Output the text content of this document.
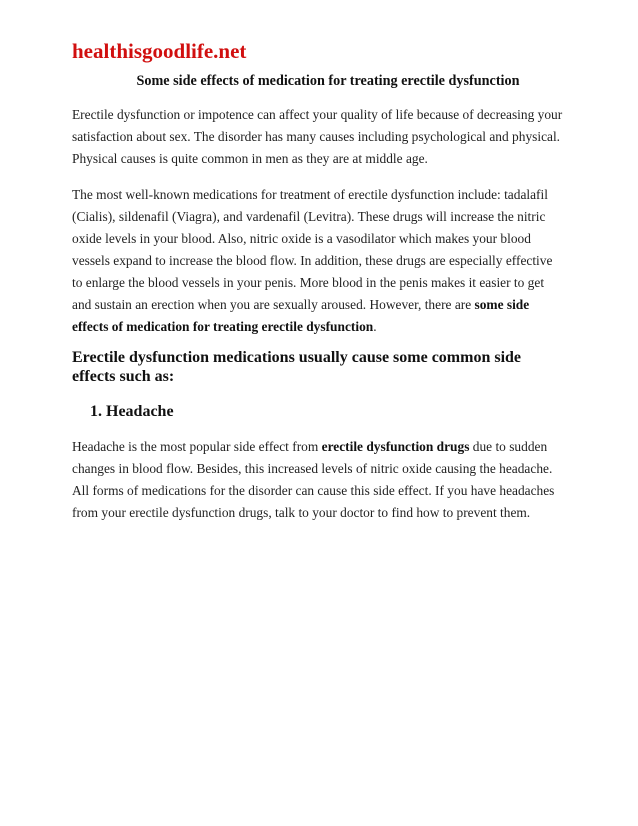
healthisgoodlife.net
Some side effects of medication for treating erectile dysfunction

Erectile dysfunction or impotence can affect your quality of life because of decreasing your satisfaction about sex. The disorder has many causes including psychological and physical. Physical causes is quite common in men as they are at middle age.

The most well-known medications for treatment of erectile dysfunction include: tadalafil (Cialis), sildenafil (Viagra), and vardenafil (Levitra). These drugs will increase the nitric oxide levels in your blood. Also, nitric oxide is a vasodilator which makes your blood vessels expand to increase the blood flow. In addition, these drugs are especially effective to enlarge the blood vessels in your penis. More blood in the penis makes it easier to get and sustain an erection when you are sexually aroused. However, there are some side effects of medication for treating erectile dysfunction.

Erectile dysfunction medications usually cause some common side effects such as:
1. Headache

Headache is the most popular side effect from erectile dysfunction drugs due to sudden changes in blood flow. Besides, this increased levels of nitric oxide causing the headache. All forms of medications for the disorder can cause this side effect. If you have headaches from your erectile dysfunction drugs, talk to your doctor to find how to prevent them.
